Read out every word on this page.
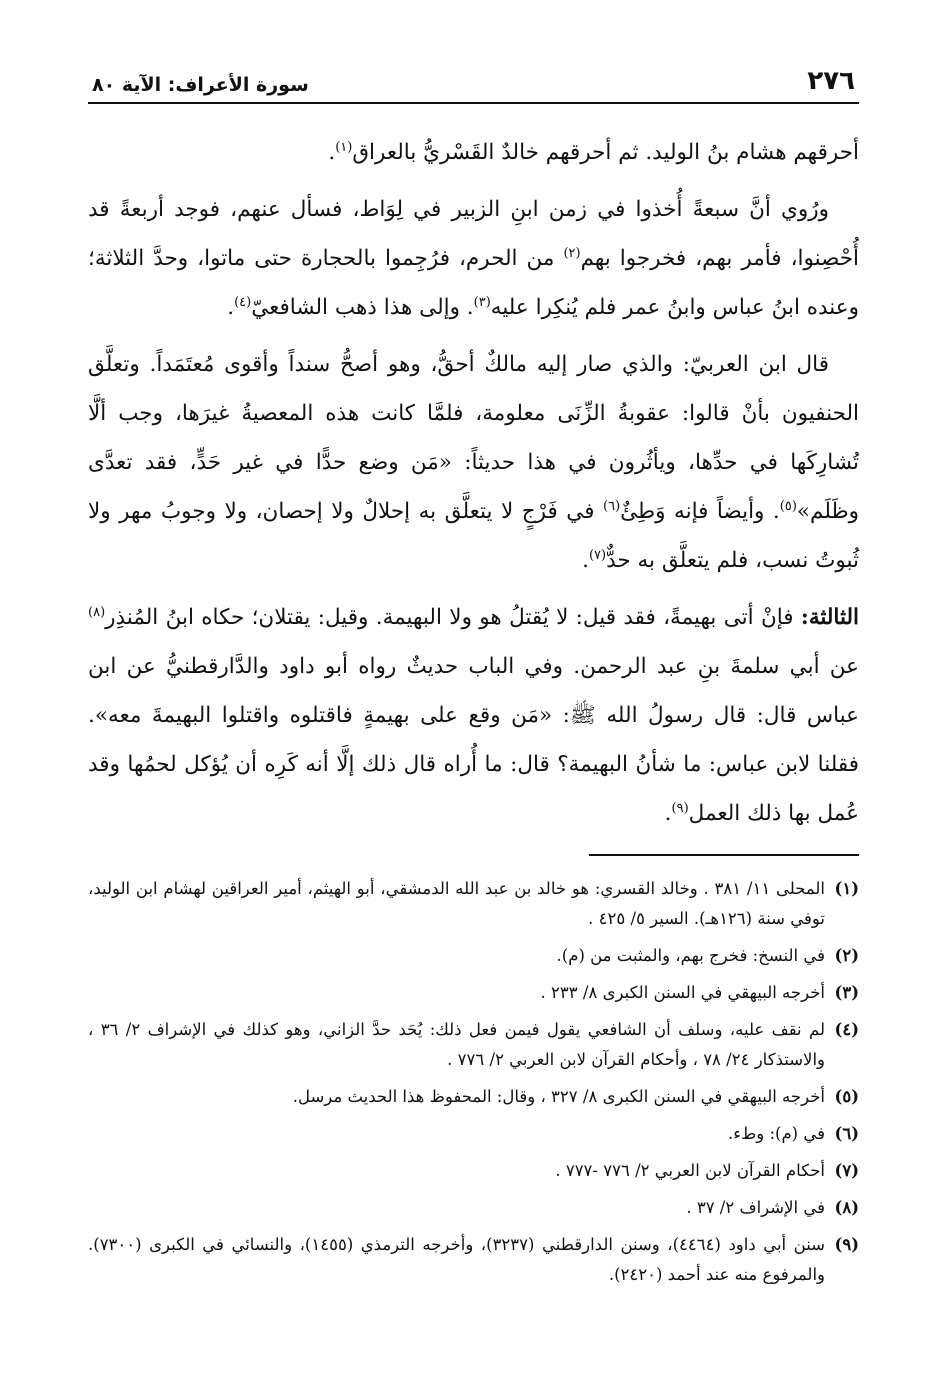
٢٧٦
سورة الأعراف: الآية ٨٠

أحرقهم هشام بنُ الوليد. ثم أحرقهم خالدٌ القَسْريُّ بالعراق$^{(١)}$.

ورُوي أنَّ سبعةً أُخذوا في زمن ابنِ الزبير في لِوَاط، فسأل عنهم، فوجد أربعةً قد أُحْصِنوا، فأمر بهم، فخرجوا بهم$^{(٢)}$ من الحرم، فرُجِموا بالحجارة حتى ماتوا، وحدَّ الثلاثة؛ وعنده ابنُ عباس وابنُ عمر فلم يُنكِرا عليه$^{(٣)}$. وإلى هذا ذهب الشافعيّ$^{(٤)}$.

قال ابن العربيّ: والذي صار إليه مالكٌ أحقُّ، وهو أصحُّ سنداً وأقوى مُعتَمَداً. وتعلَّق الحنفيون بأنْ قالوا: عقوبةُ الزِّنَى معلومة، فلمَّا كانت هذه المعصيةُ غيرَها، وجب ألَّا تُشارِكَها في حدِّها، ويأثُرون في هذا حديثاً: «مَن وضع حدًّا في غير حَدٍّ، فقد تعدَّى وظَلَم»$^{(٥)}$. وأيضاً فإنه وَطِئٌ$^{(٦)}$ في فَرْجٍ لا يتعلَّق به إحلالٌ ولا إحصان، ولا وجوبُ مهر ولا ثُبوتُ نسب، فلم يتعلَّق به حدٌّ$^{(٧)}$.

الثالثة: فإنْ أتى بهيمةً، فقد قيل: لا يُقتلُ هو ولا البهيمة. وقيل: يقتلان؛ حكاه ابنُ المُنذِر$^{(٨)}$ عن أبي سلمةَ بنِ عبد الرحمن. وفي الباب حديثٌ رواه أبو داود والدَّارقطنيُّ عن ابن عباس قال: قال رسولُ الله ﷺ: «مَن وقع على بهيمةٍ فاقتلوه واقتلوا البهيمةَ معه». فقلنا لابن عباس: ما شأنُ البهيمة؟ قال: ما أُراه قال ذلك إلَّا أنه كَرِه أن يُؤكل لحمُها وقد عُمل بها ذلك العمل$^{(٩)}$.

(١)
المحلى ١١/ ٣٨١ . وخالد القسري: هو خالد بن عبد الله الدمشقي، أبو الهيثم، أمير العراقين لهشام ابن الوليد، توفي سنة (١٢٦هـ). السير ٥/ ٤٢٥ .
(٢)
في النسخ: فخرج بهم، والمثبت من (م).
(٣)
أخرجه البيهقي في السنن الكبرى ٨/ ٢٣٣ .
(٤)
لم نقف عليه، وسلف أن الشافعي يقول فيمن فعل ذلك: يُحَد حدَّ الزاني، وهو كذلك في الإشراف ٢/ ٣٦ ، والاستذكار ٢٤/ ٧٨ ، وأحكام القرآن لابن العربي ٢/ ٧٧٦ .
(٥)
أخرجه البيهقي في السنن الكبرى ٨/ ٣٢٧ ، وقال: المحفوظ هذا الحديث مرسل.
(٦)
في (م): وطء.
(٧)
أحكام القرآن لابن العربي ٢/ ٧٧٦ -٧٧٧ .
(٨)
في الإشراف ٢/ ٣٧ .
(٩)
سنن أبي داود (٤٤٦٤)، وسنن الدارقطني (٣٢٣٧)، وأخرجه الترمذي (١٤٥٥)، والنسائي في الكبرى (٧٣٠٠). والمرفوع منه عند أحمد (٢٤٢٠).
